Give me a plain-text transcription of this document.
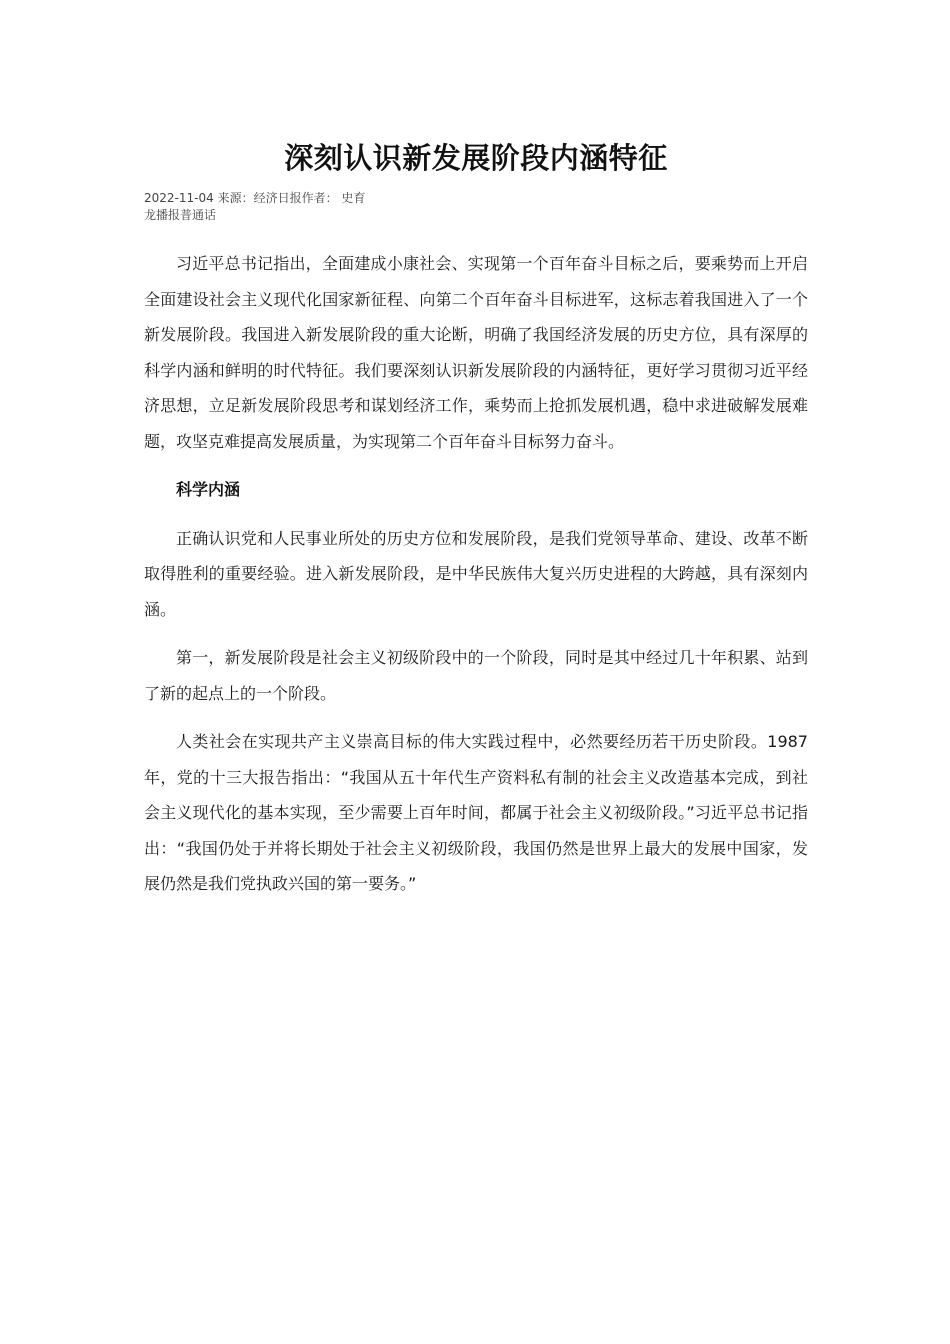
深刻认识新发展阶段内涵特征
2022-11-04 来源：经济日报作者： 史育
龙播报普通话

习近平总书记指出，全面建成小康社会、实现第一个百年奋斗目标之后，要乘势而上开启全面建设社会主义现代化国家新征程、向第二个百年奋斗目标进军，这标志着我国进入了一个新发展阶段。我国进入新发展阶段的重大论断，明确了我国经济发展的历史方位，具有深厚的科学内涵和鲜明的时代特征。我们要深刻认识新发展阶段的内涵特征，更好学习贯彻习近平经济思想，立足新发展阶段思考和谋划经济工作，乘势而上抢抓发展机遇，稳中求进破解发展难题，攻坚克难提高发展质量，为实现第二个百年奋斗目标努力奋斗。

科学内涵

正确认识党和人民事业所处的历史方位和发展阶段，是我们党领导革命、建设、改革不断取得胜利的重要经验。进入新发展阶段，是中华民族伟大复兴历史进程的大跨越，具有深刻内涵。

第一，新发展阶段是社会主义初级阶段中的一个阶段，同时是其中经过几十年积累、站到了新的起点上的一个阶段。

人类社会在实现共产主义崇高目标的伟大实践过程中，必然要经历若干历史阶段。1987年，党的十三大报告指出：“我国从五十年代生产资料私有制的社会主义改造基本完成，到社会主义现代化的基本实现，至少需要上百年时间，都属于社会主义初级阶段。”习近平总书记指出：“我国仍处于并将长期处于社会主义初级阶段，我国仍然是世界上最大的发展中国家，发展仍然是我们党执政兴国的第一要务。”
